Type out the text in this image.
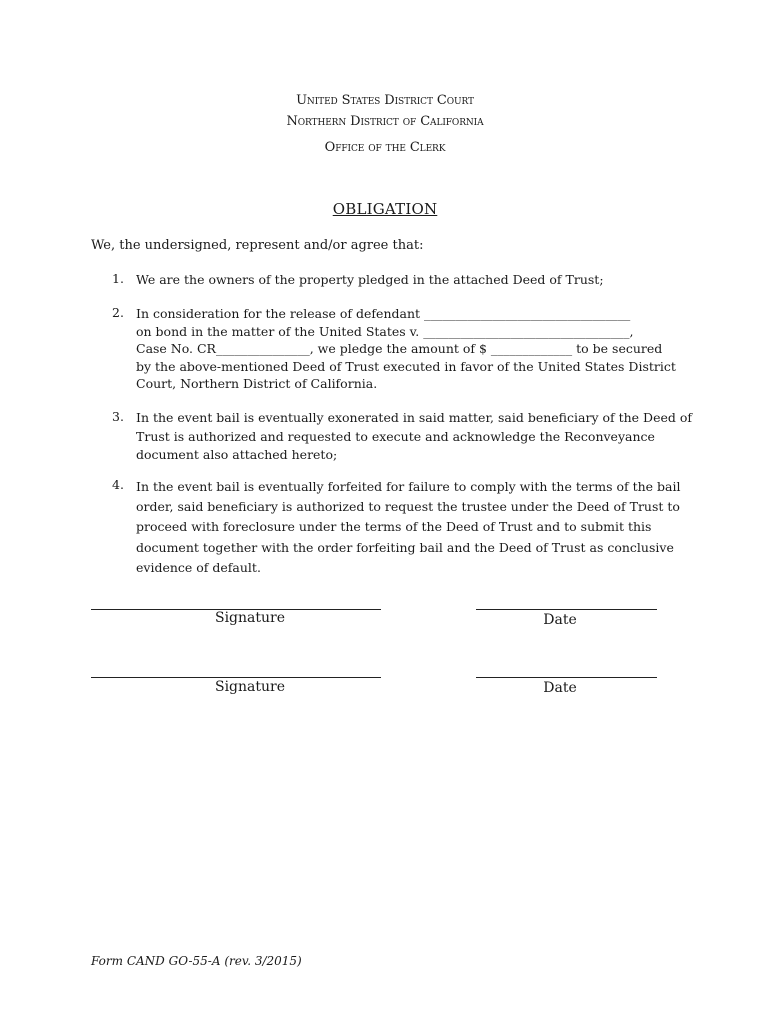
United States District Court
Northern District of California
Office of the Clerk
OBLIGATION
We, the undersigned, represent and/or agree that:
1. We are the owners of the property pledged in the attached Deed of Trust;
2. In consideration for the release of defendant _________________________________
on bond in the matter of the United States v. _________________________________,
Case No. CR_______________, we pledge the amount of $ _____________ to be secured
by the above-mentioned Deed of Trust executed in favor of the United States District
Court, Northern District of California.
3. In the event bail is eventually exonerated in said matter, said beneficiary of the Deed of
Trust is authorized and requested to execute and acknowledge the Reconveyance
document also attached hereto;
4. In the event bail is eventually forfeited for failure to comply with the terms of the bail
order, said beneficiary is authorized to request the trustee under the Deed of Trust to
proceed with foreclosure under the terms of the Deed of Trust and to submit this
document together with the order forfeiting bail and the Deed of Trust as conclusive
evidence of default.
Signature	Date
Signature	Date
Form CAND GO-55-A (rev. 3/2015)
